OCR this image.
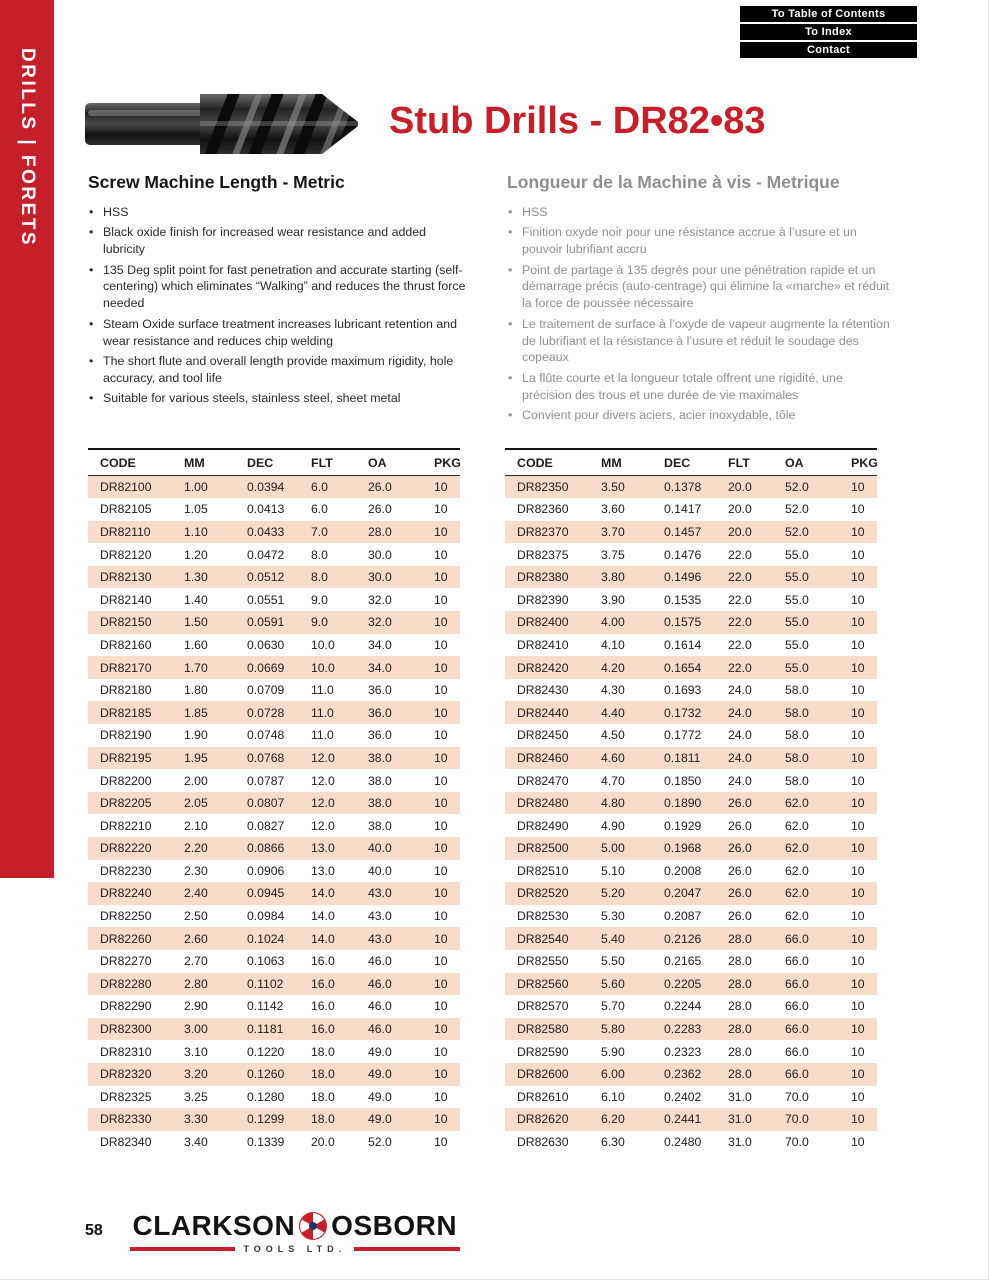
DRILLS | FORETS
To Table of Contents
To Index
Contact
Stub Drills - DR82•83
Screw Machine Length - Metric
• HSS
• Black oxide finish for increased wear resistance and added lubricity
• 135 Deg split point for fast penetration and accurate starting (self-centering) which eliminates “Walking” and reduces the thrust force needed
• Steam Oxide surface treatment increases lubricant retention and wear resistance and reduces chip welding
• The short flute and overall length provide maximum rigidity, hole accuracy, and tool life
• Suitable for various steels, stainless steel, sheet metal
Longueur de la Machine à vis - Metrique
• HSS
• Finition oxyde noir pour une résistance accrue à l’usure et un pouvoir lubrifiant accru
• Point de partage à 135 degrés pour une pénétration rapide et un démarrage précis (auto-centrage) qui élimine la «marche» et réduit la force de poussée nécessaire
• Le traitement de surface à l’oxyde de vapeur augmente la rétention de lubrifiant et la résistance à l’usure et réduit le soudage des copeaux
• La flûte courte et la longueur totale offrent une rigidité, une précision des trous et une durée de vie maximales
• Convient pour divers aciers, acier inoxydable, tôle
CODE	MM	DEC	FLT	OA	PKG
DR82100	1.00	0.0394	6.0	26.0	10
DR82105	1.05	0.0413	6.0	26.0	10
DR82110	1.10	0.0433	7.0	28.0	10
DR82120	1.20	0.0472	8.0	30.0	10
DR82130	1.30	0.0512	8.0	30.0	10
DR82140	1.40	0.0551	9.0	32.0	10
DR82150	1.50	0.0591	9.0	32.0	10
DR82160	1.60	0.0630	10.0	34.0	10
DR82170	1.70	0.0669	10.0	34.0	10
DR82180	1.80	0.0709	11.0	36.0	10
DR82185	1.85	0.0728	11.0	36.0	10
DR82190	1.90	0.0748	11.0	36.0	10
DR82195	1.95	0.0768	12.0	38.0	10
DR82200	2.00	0.0787	12.0	38.0	10
DR82205	2.05	0.0807	12.0	38.0	10
DR82210	2.10	0.0827	12.0	38.0	10
DR82220	2.20	0.0866	13.0	40.0	10
DR82230	2.30	0.0906	13.0	40.0	10
DR82240	2.40	0.0945	14.0	43.0	10
DR82250	2.50	0.0984	14.0	43.0	10
DR82260	2.60	0.1024	14.0	43.0	10
DR82270	2.70	0.1063	16.0	46.0	10
DR82280	2.80	0.1102	16.0	46.0	10
DR82290	2.90	0.1142	16.0	46.0	10
DR82300	3.00	0.1181	16.0	46.0	10
DR82310	3.10	0.1220	18.0	49.0	10
DR82320	3.20	0.1260	18.0	49.0	10
DR82325	3.25	0.1280	18.0	49.0	10
DR82330	3.30	0.1299	18.0	49.0	10
DR82340	3.40	0.1339	20.0	52.0	10
CODE	MM	DEC	FLT	OA	PKG
DR82350	3.50	0.1378	20.0	52.0	10
DR82360	3.60	0.1417	20.0	52.0	10
DR82370	3.70	0.1457	20.0	52.0	10
DR82375	3.75	0.1476	22.0	55.0	10
DR82380	3.80	0.1496	22.0	55.0	10
DR82390	3.90	0.1535	22.0	55.0	10
DR82400	4.00	0.1575	22.0	55.0	10
DR82410	4.10	0.1614	22.0	55.0	10
DR82420	4.20	0.1654	22.0	55.0	10
DR82430	4.30	0.1693	24.0	58.0	10
DR82440	4.40	0.1732	24.0	58.0	10
DR82450	4.50	0.1772	24.0	58.0	10
DR82460	4.60	0.1811	24.0	58.0	10
DR82470	4.70	0.1850	24.0	58.0	10
DR82480	4.80	0.1890	26.0	62.0	10
DR82490	4.90	0.1929	26.0	62.0	10
DR82500	5.00	0.1968	26.0	62.0	10
DR82510	5.10	0.2008	26.0	62.0	10
DR82520	5.20	0.2047	26.0	62.0	10
DR82530	5.30	0.2087	26.0	62.0	10
DR82540	5.40	0.2126	28.0	66.0	10
DR82550	5.50	0.2165	28.0	66.0	10
DR82560	5.60	0.2205	28.0	66.0	10
DR82570	5.70	0.2244	28.0	66.0	10
DR82580	5.80	0.2283	28.0	66.0	10
DR82590	5.90	0.2323	28.0	66.0	10
DR82600	6.00	0.2362	28.0	66.0	10
DR82610	6.10	0.2402	31.0	70.0	10
DR82620	6.20	0.2441	31.0	70.0	10
DR82630	6.30	0.2480	31.0	70.0	10
58 CLARKSON OSBORN
TOOLS LTD.
